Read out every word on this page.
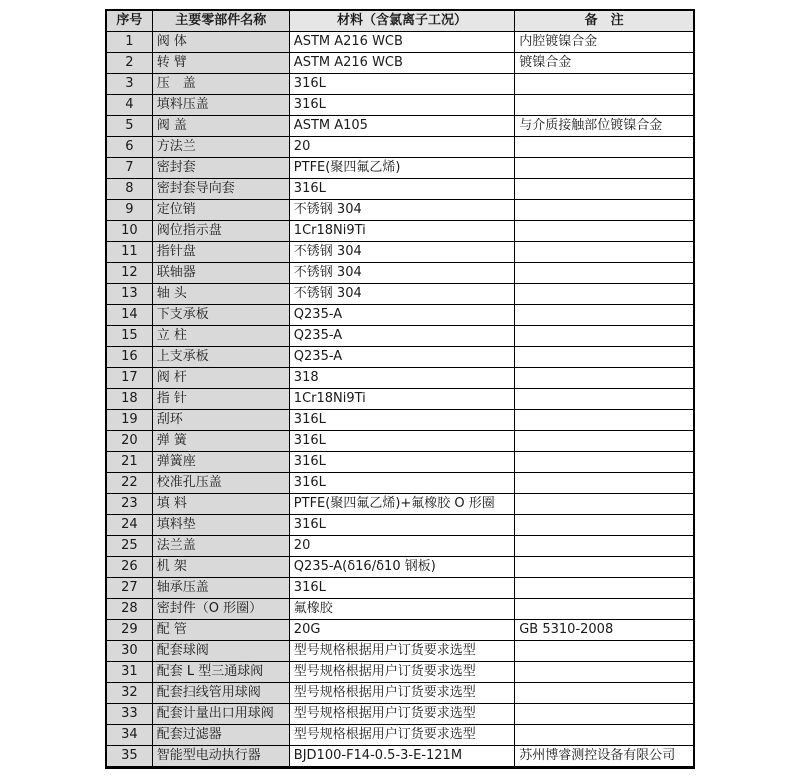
序号	主要零部件名称	材料（含氯离子工况）	备　注
1	阀 体	ASTM A216 WCB	内腔镀镍合金
2	转 臂	ASTM A216 WCB	镀镍合金
3	压　盖	316L	
4	填料压盖	316L	
5	阀 盖	ASTM A105	与介质接触部位镀镍合金
6	方法兰	20	
7	密封套	PTFE(聚四氟乙烯)	
8	密封套导向套	316L	
9	定位销	不锈钢 304	
10	阀位指示盘	1Cr18Ni9Ti	
11	指针盘	不锈钢 304	
12	联轴器	不锈钢 304	
13	轴 头	不锈钢 304	
14	下支承板	Q235-A	
15	立 柱	Q235-A	
16	上支承板	Q235-A	
17	阀 杆	318	
18	指 针	1Cr18Ni9Ti	
19	刮环	316L	
20	弹 簧	316L	
21	弹簧座	316L	
22	校准孔压盖	316L	
23	填 料	PTFE(聚四氟乙烯)+氟橡胶 O 形圈	
24	填料垫	316L	
25	法兰盖	20	
26	机 架	Q235-A(δ16/δ10 钢板)	
27	轴承压盖	316L	
28	密封件（O 形圈）	氟橡胶	
29	配 管	20G	GB 5310-2008
30	配套球阀	型号规格根据用户订货要求选型	
31	配套 L 型三通球阀	型号规格根据用户订货要求选型	
32	配套扫线管用球阀	型号规格根据用户订货要求选型	
33	配套计量出口用球阀	型号规格根据用户订货要求选型	
34	配套过滤器	型号规格根据用户订货要求选型	
35	智能型电动执行器	BJD100-F14-0.5-3-E-121M	苏州博睿测控设备有限公司
